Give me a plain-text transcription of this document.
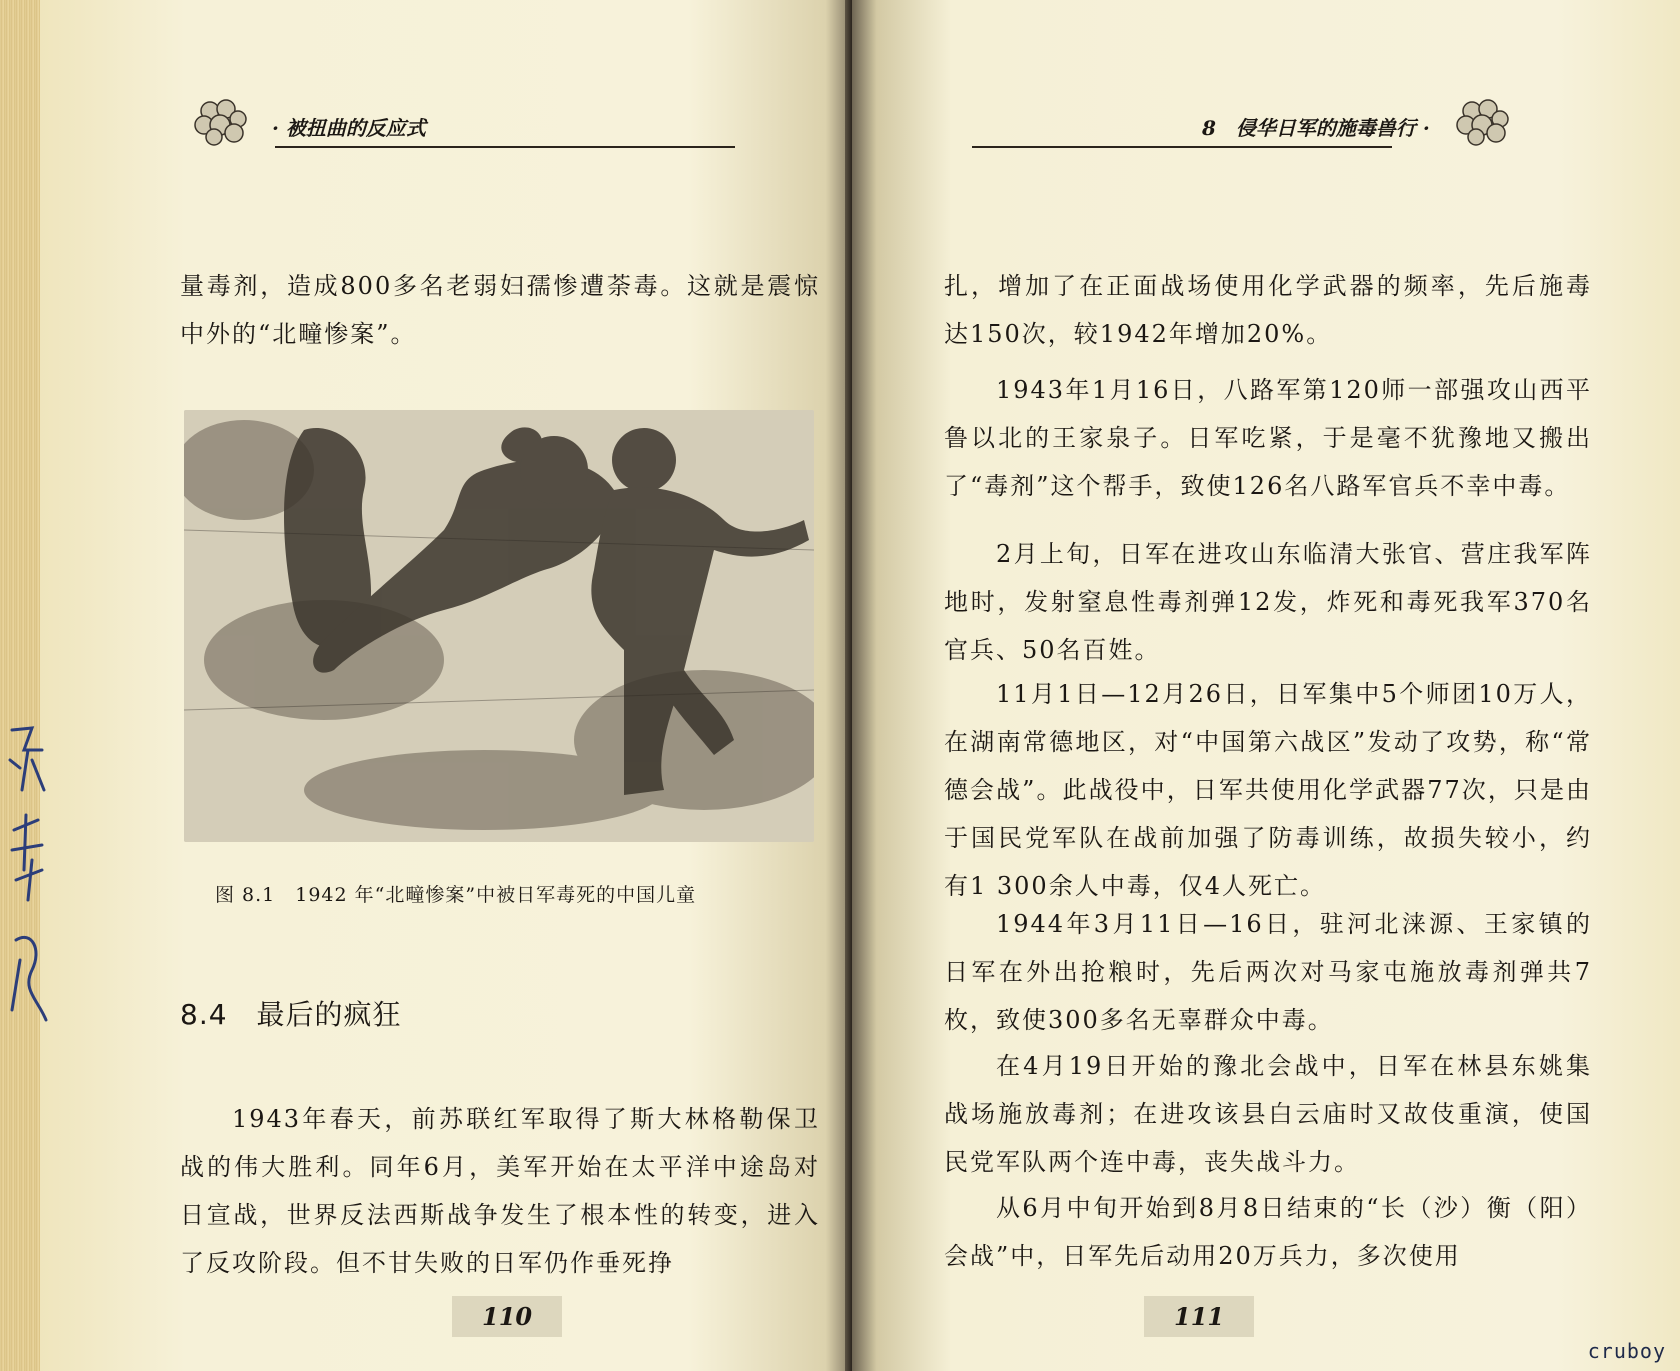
· 被扭曲的反应式

量毒剂，造成800多名老弱妇孺惨遭荼毒。这就是震惊中外的“北疃惨案”。

图 8.1　1942 年“北疃惨案”中被日军毒死的中国儿童
8.4　最后的疯狂

1943年春天，前苏联红军取得了斯大林格勒保卫战的伟大胜利。同年6月，美军开始在太平洋中途岛对日宣战，世界反法西斯战争发生了根本性的转变，进入了反攻阶段。但不甘失败的日军仍作垂死挣

110
8　侵华日军的施毒兽行 ·

扎，增加了在正面战场使用化学武器的频率，先后施毒达150次，较1942年增加20%。

1943年1月16日，八路军第120师一部强攻山西平鲁以北的王家泉子。日军吃紧，于是毫不犹豫地又搬出了“毒剂”这个帮手，致使126名八路军官兵不幸中毒。

2月上旬，日军在进攻山东临清大张官、营庄我军阵地时，发射窒息性毒剂弹12发，炸死和毒死我军370名官兵、50名百姓。

11月1日—12月26日，日军集中5个师团10万人，在湖南常德地区，对“中国第六战区”发动了攻势，称“常德会战”。此战役中，日军共使用化学武器77次，只是由于国民党军队在战前加强了防毒训练，故损失较小，约有1 300余人中毒，仅4人死亡。

1944年3月11日—16日，驻河北涞源、王家镇的日军在外出抢粮时，先后两次对马家屯施放毒剂弹共7枚，致使300多名无辜群众中毒。

在4月19日开始的豫北会战中，日军在林县东姚集战场施放毒剂；在进攻该县白云庙时又故伎重演，使国民党军队两个连中毒，丧失战斗力。

从6月中旬开始到8月8日结束的“长（沙）衡（阳）会战”中，日军先后动用20万兵力，多次使用

111
cruboy
